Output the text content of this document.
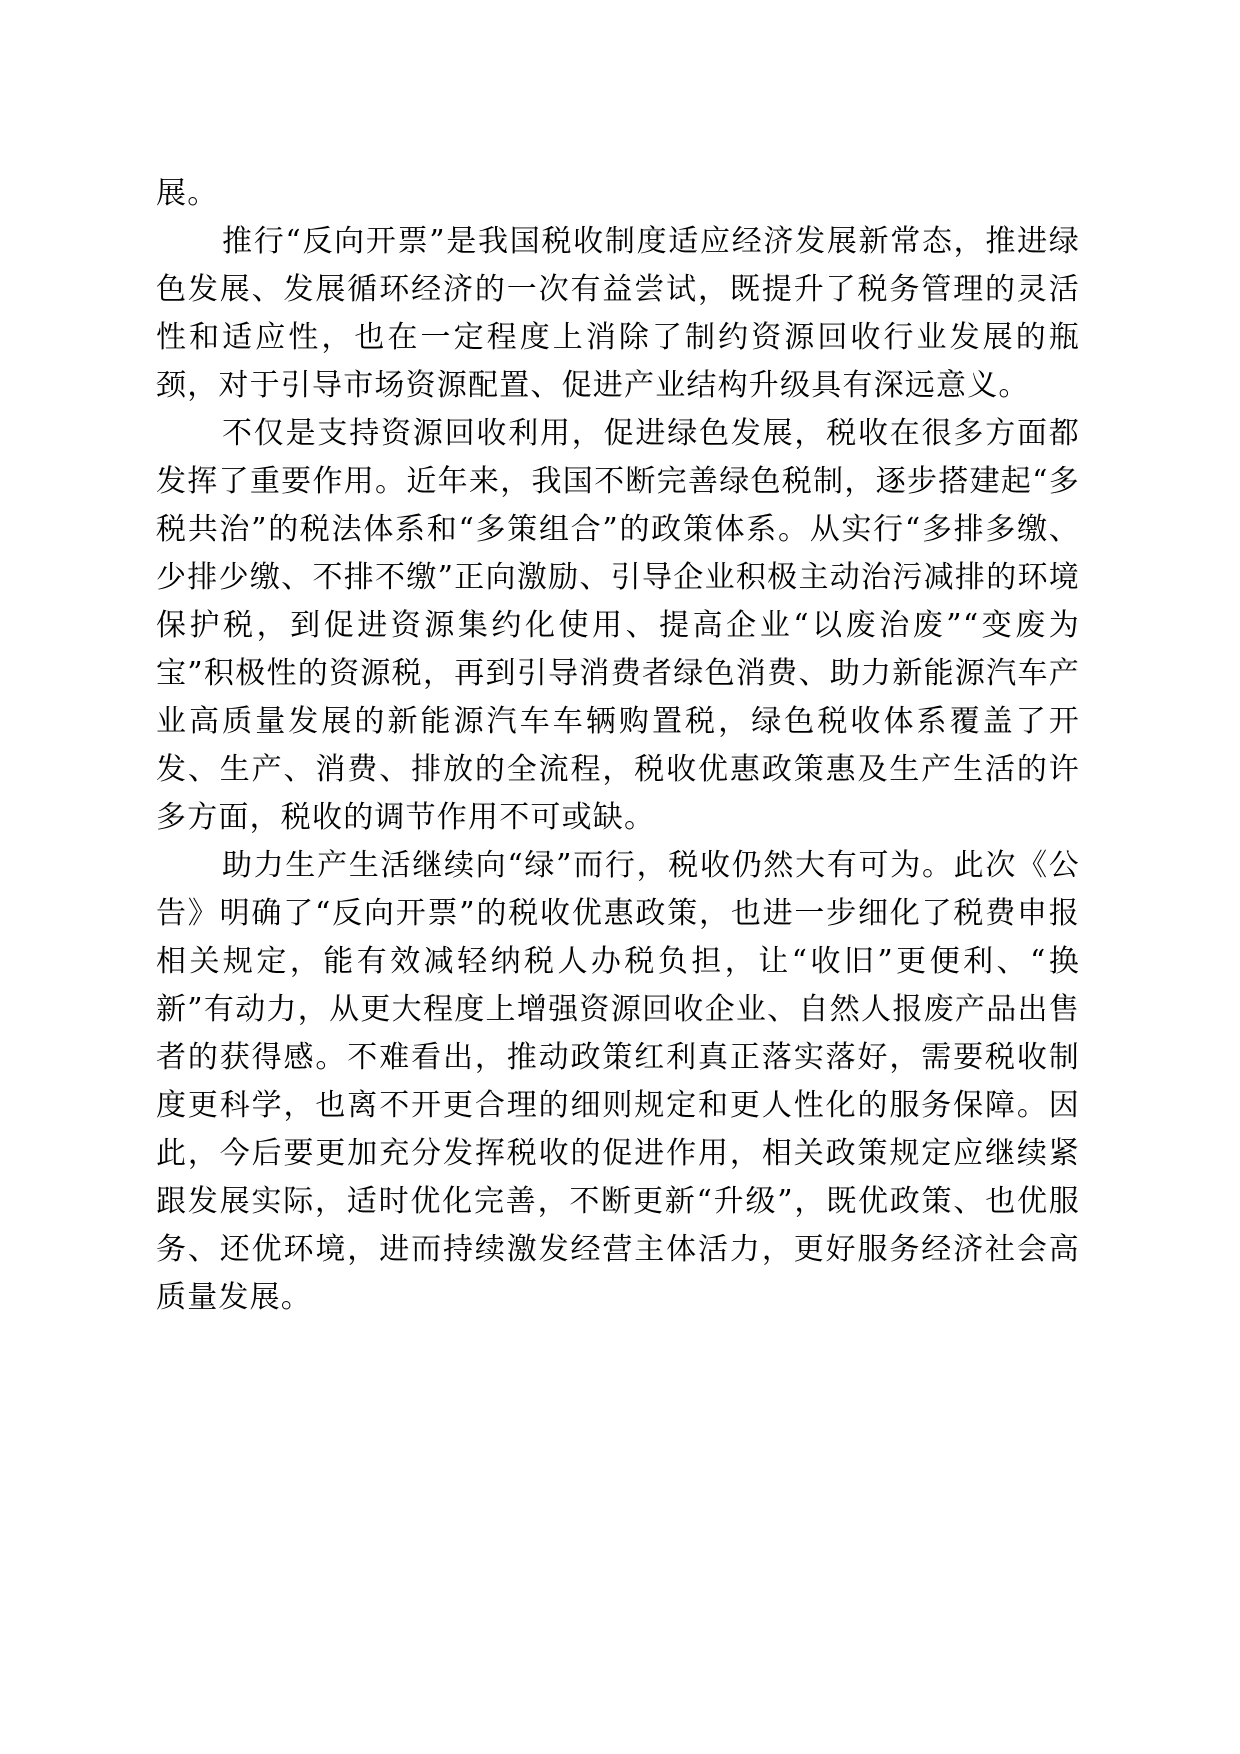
展。

推行“反向开票”是我国税收制度适应经济发展新常态，推进绿色发展、发展循环经济的一次有益尝试，既提升了税务管理的灵活性和适应性，也在一定程度上消除了制约资源回收行业发展的瓶颈，对于引导市场资源配置、促进产业结构升级具有深远意义。

不仅是支持资源回收利用，促进绿色发展，税收在很多方面都发挥了重要作用。近年来，我国不断完善绿色税制，逐步搭建起“多税共治”的税法体系和“多策组合”的政策体系。从实行“多排多缴、少排少缴、不排不缴”正向激励、引导企业积极主动治污减排的环境保护税，到促进资源集约化使用、提高企业“以废治废”“变废为宝”积极性的资源税，再到引导消费者绿色消费、助力新能源汽车产业高质量发展的新能源汽车车辆购置税，绿色税收体系覆盖了开发、生产、消费、排放的全流程，税收优惠政策惠及生产生活的许多方面，税收的调节作用不可或缺。

助力生产生活继续向“绿”而行，税收仍然大有可为。此次《公告》明确了“反向开票”的税收优惠政策，也进一步细化了税费申报相关规定，能有效减轻纳税人办税负担，让“收旧”更便利、“换新”有动力，从更大程度上增强资源回收企业、自然人报废产品出售者的获得感。不难看出，推动政策红利真正落实落好，需要税收制度更科学，也离不开更合理的细则规定和更人性化的服务保障。因此，今后要更加充分发挥税收的促进作用，相关政策规定应继续紧跟发展实际，适时优化完善，不断更新“升级”，既优政策、也优服务、还优环境，进而持续激发经营主体活力，更好服务经济社会高质量发展。
